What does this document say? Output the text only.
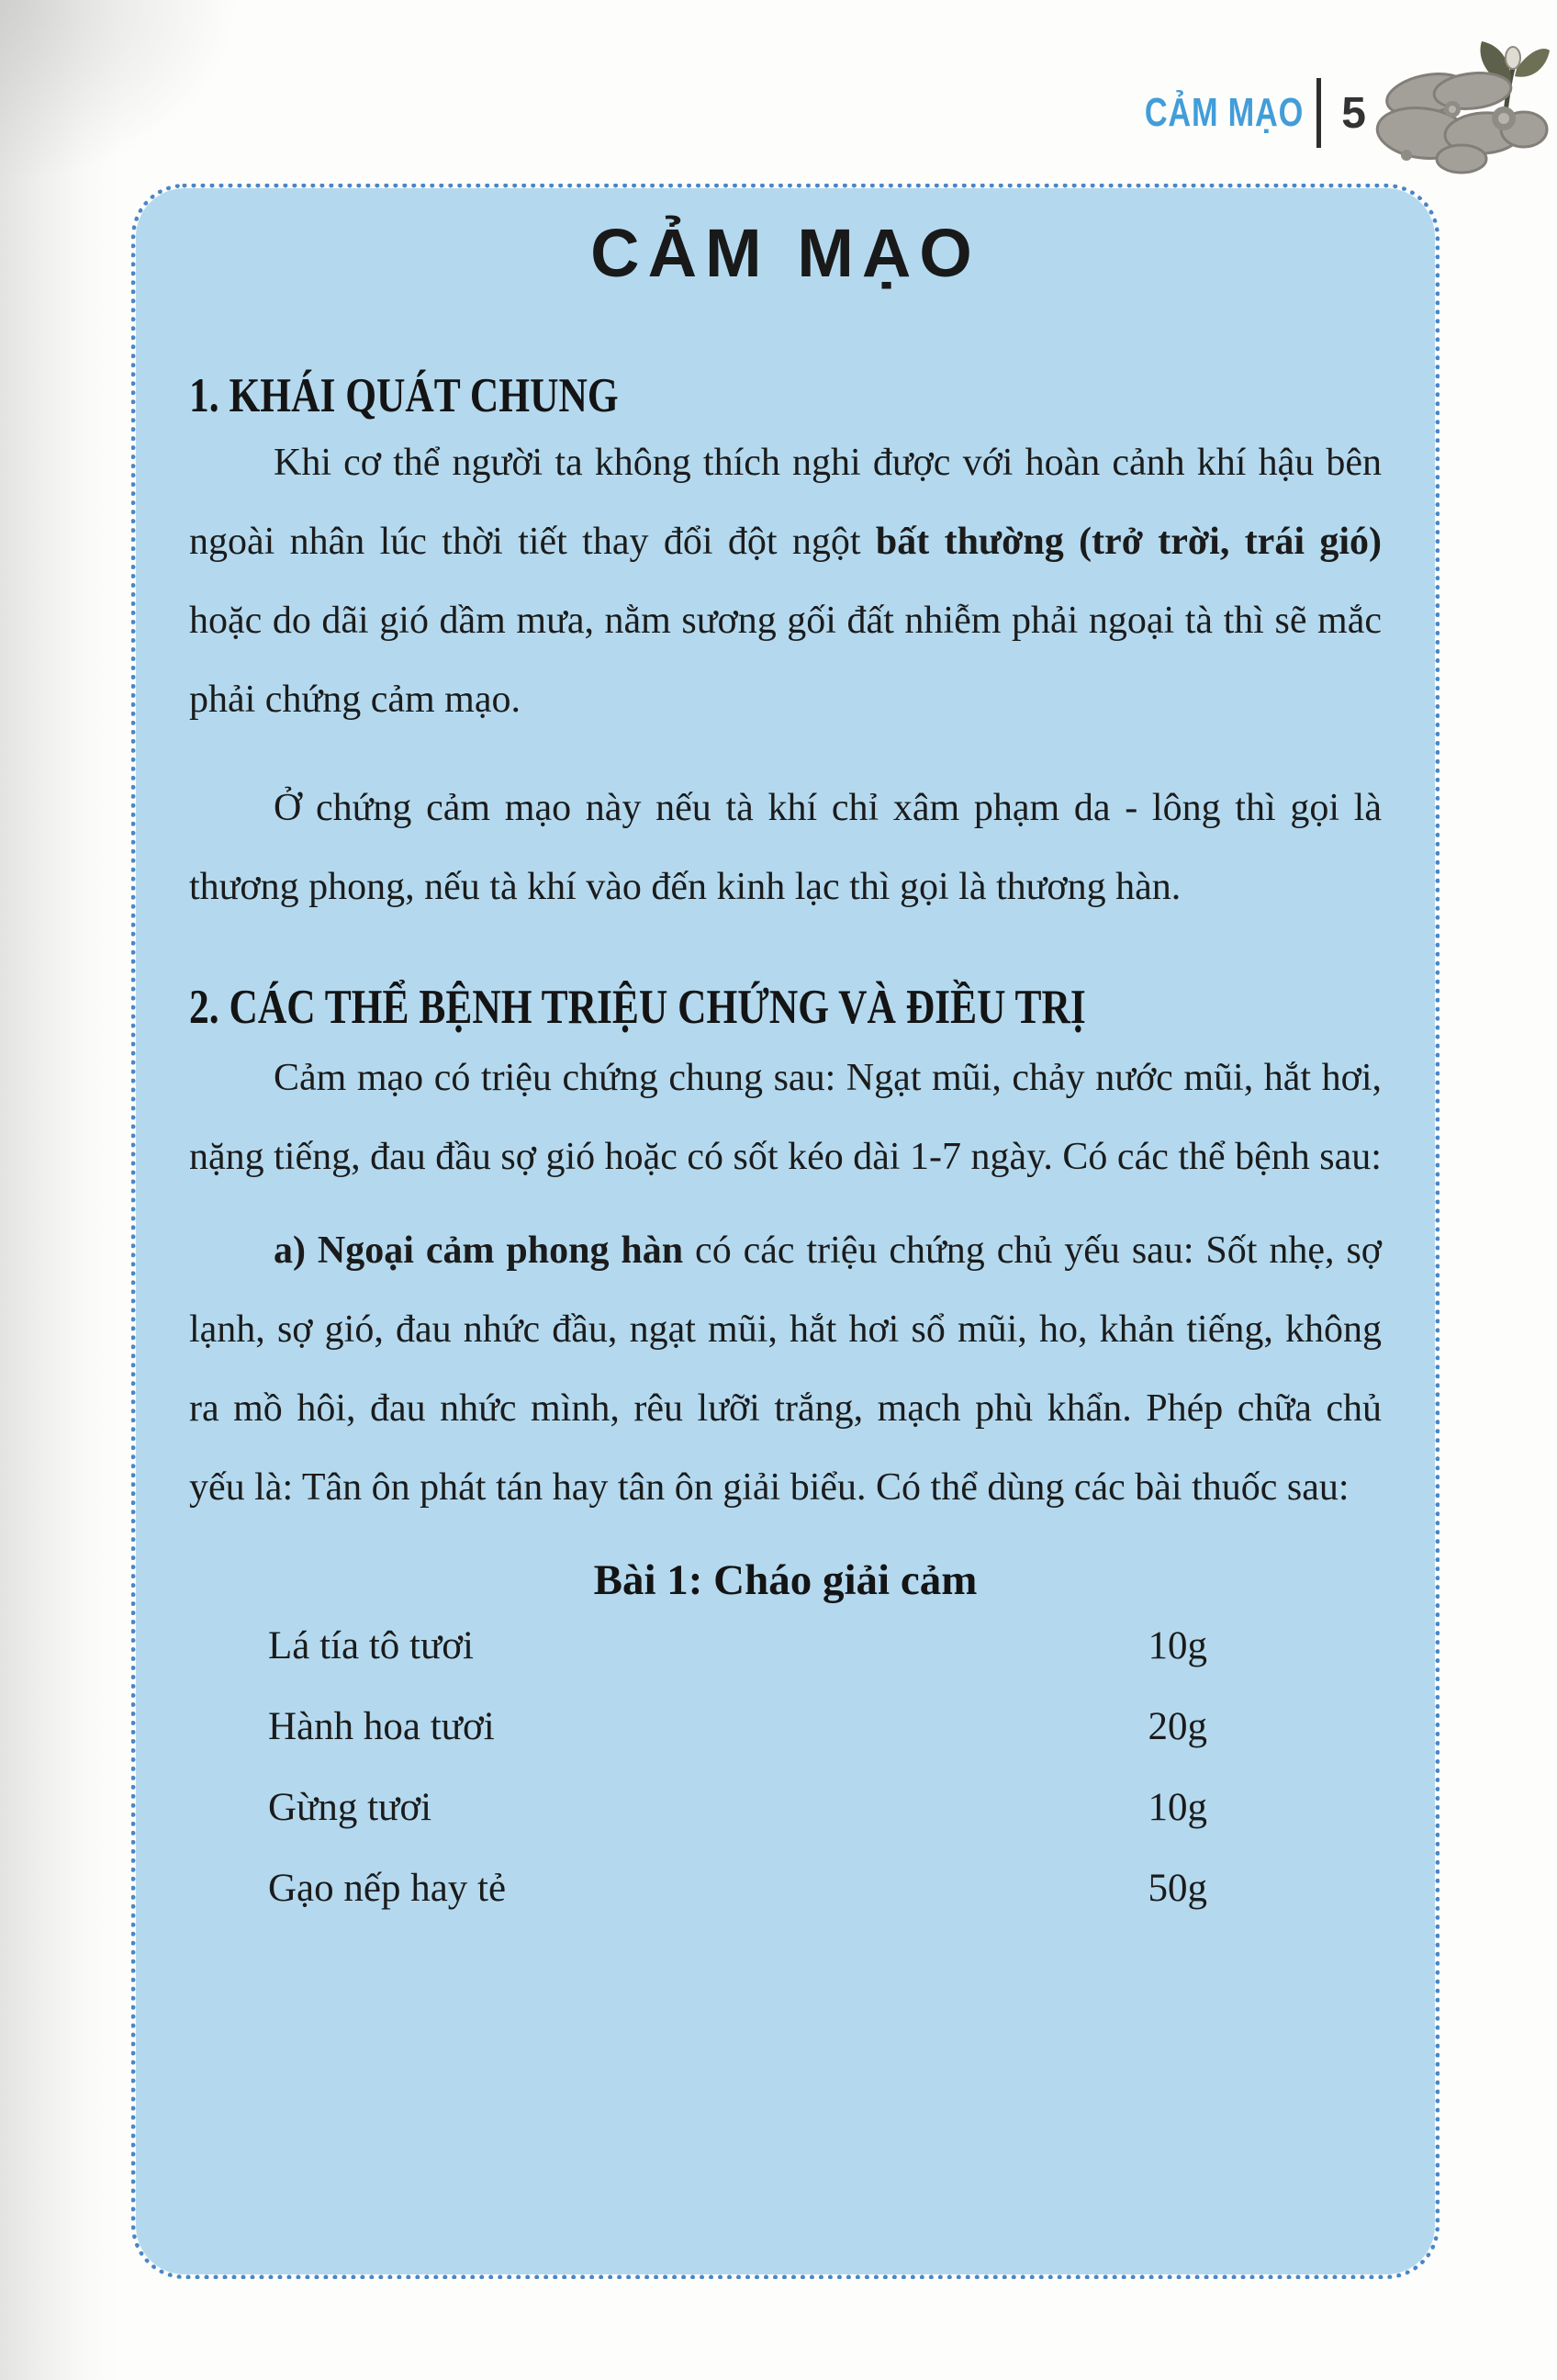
CẢM MẠO 5
CẢM MẠO
1. KHÁI QUÁT CHUNG

Khi cơ thể người ta không thích nghi được với hoàn cảnh khí hậu bên ngoài nhân lúc thời tiết thay đổi đột ngột bất thường (trở trời, trái gió) hoặc do dãi gió dầm mưa, nằm sương gối đất nhiễm phải ngoại tà thì sẽ mắc phải chứng cảm mạo.

Ở chứng cảm mạo này nếu tà khí chỉ xâm phạm da - lông thì gọi là thương phong, nếu tà khí vào đến kinh lạc thì gọi là thương hàn.

2. CÁC THỂ BỆNH TRIỆU CHỨNG VÀ ĐIỀU TRỊ

Cảm mạo có triệu chứng chung sau: Ngạt mũi, chảy nước mũi, hắt hơi, nặng tiếng, đau đầu sợ gió hoặc có sốt kéo dài 1-7 ngày. Có các thể bệnh sau:

a) Ngoại cảm phong hàn có các triệu chứng chủ yếu sau: Sốt nhẹ, sợ lạnh, sợ gió, đau nhức đầu, ngạt mũi, hắt hơi sổ mũi, ho, khản tiếng, không ra mồ hôi, đau nhức mình, rêu lưỡi trắng, mạch phù khẩn. Phép chữa chủ yếu là: Tân ôn phát tán hay tân ôn giải biểu. Có thể dùng các bài thuốc sau:

Bài 1: Cháo giải cảm
Lá tía tô tươi	10g
Hành hoa tươi	20g
Gừng tươi	10g
Gạo nếp hay tẻ	50g
